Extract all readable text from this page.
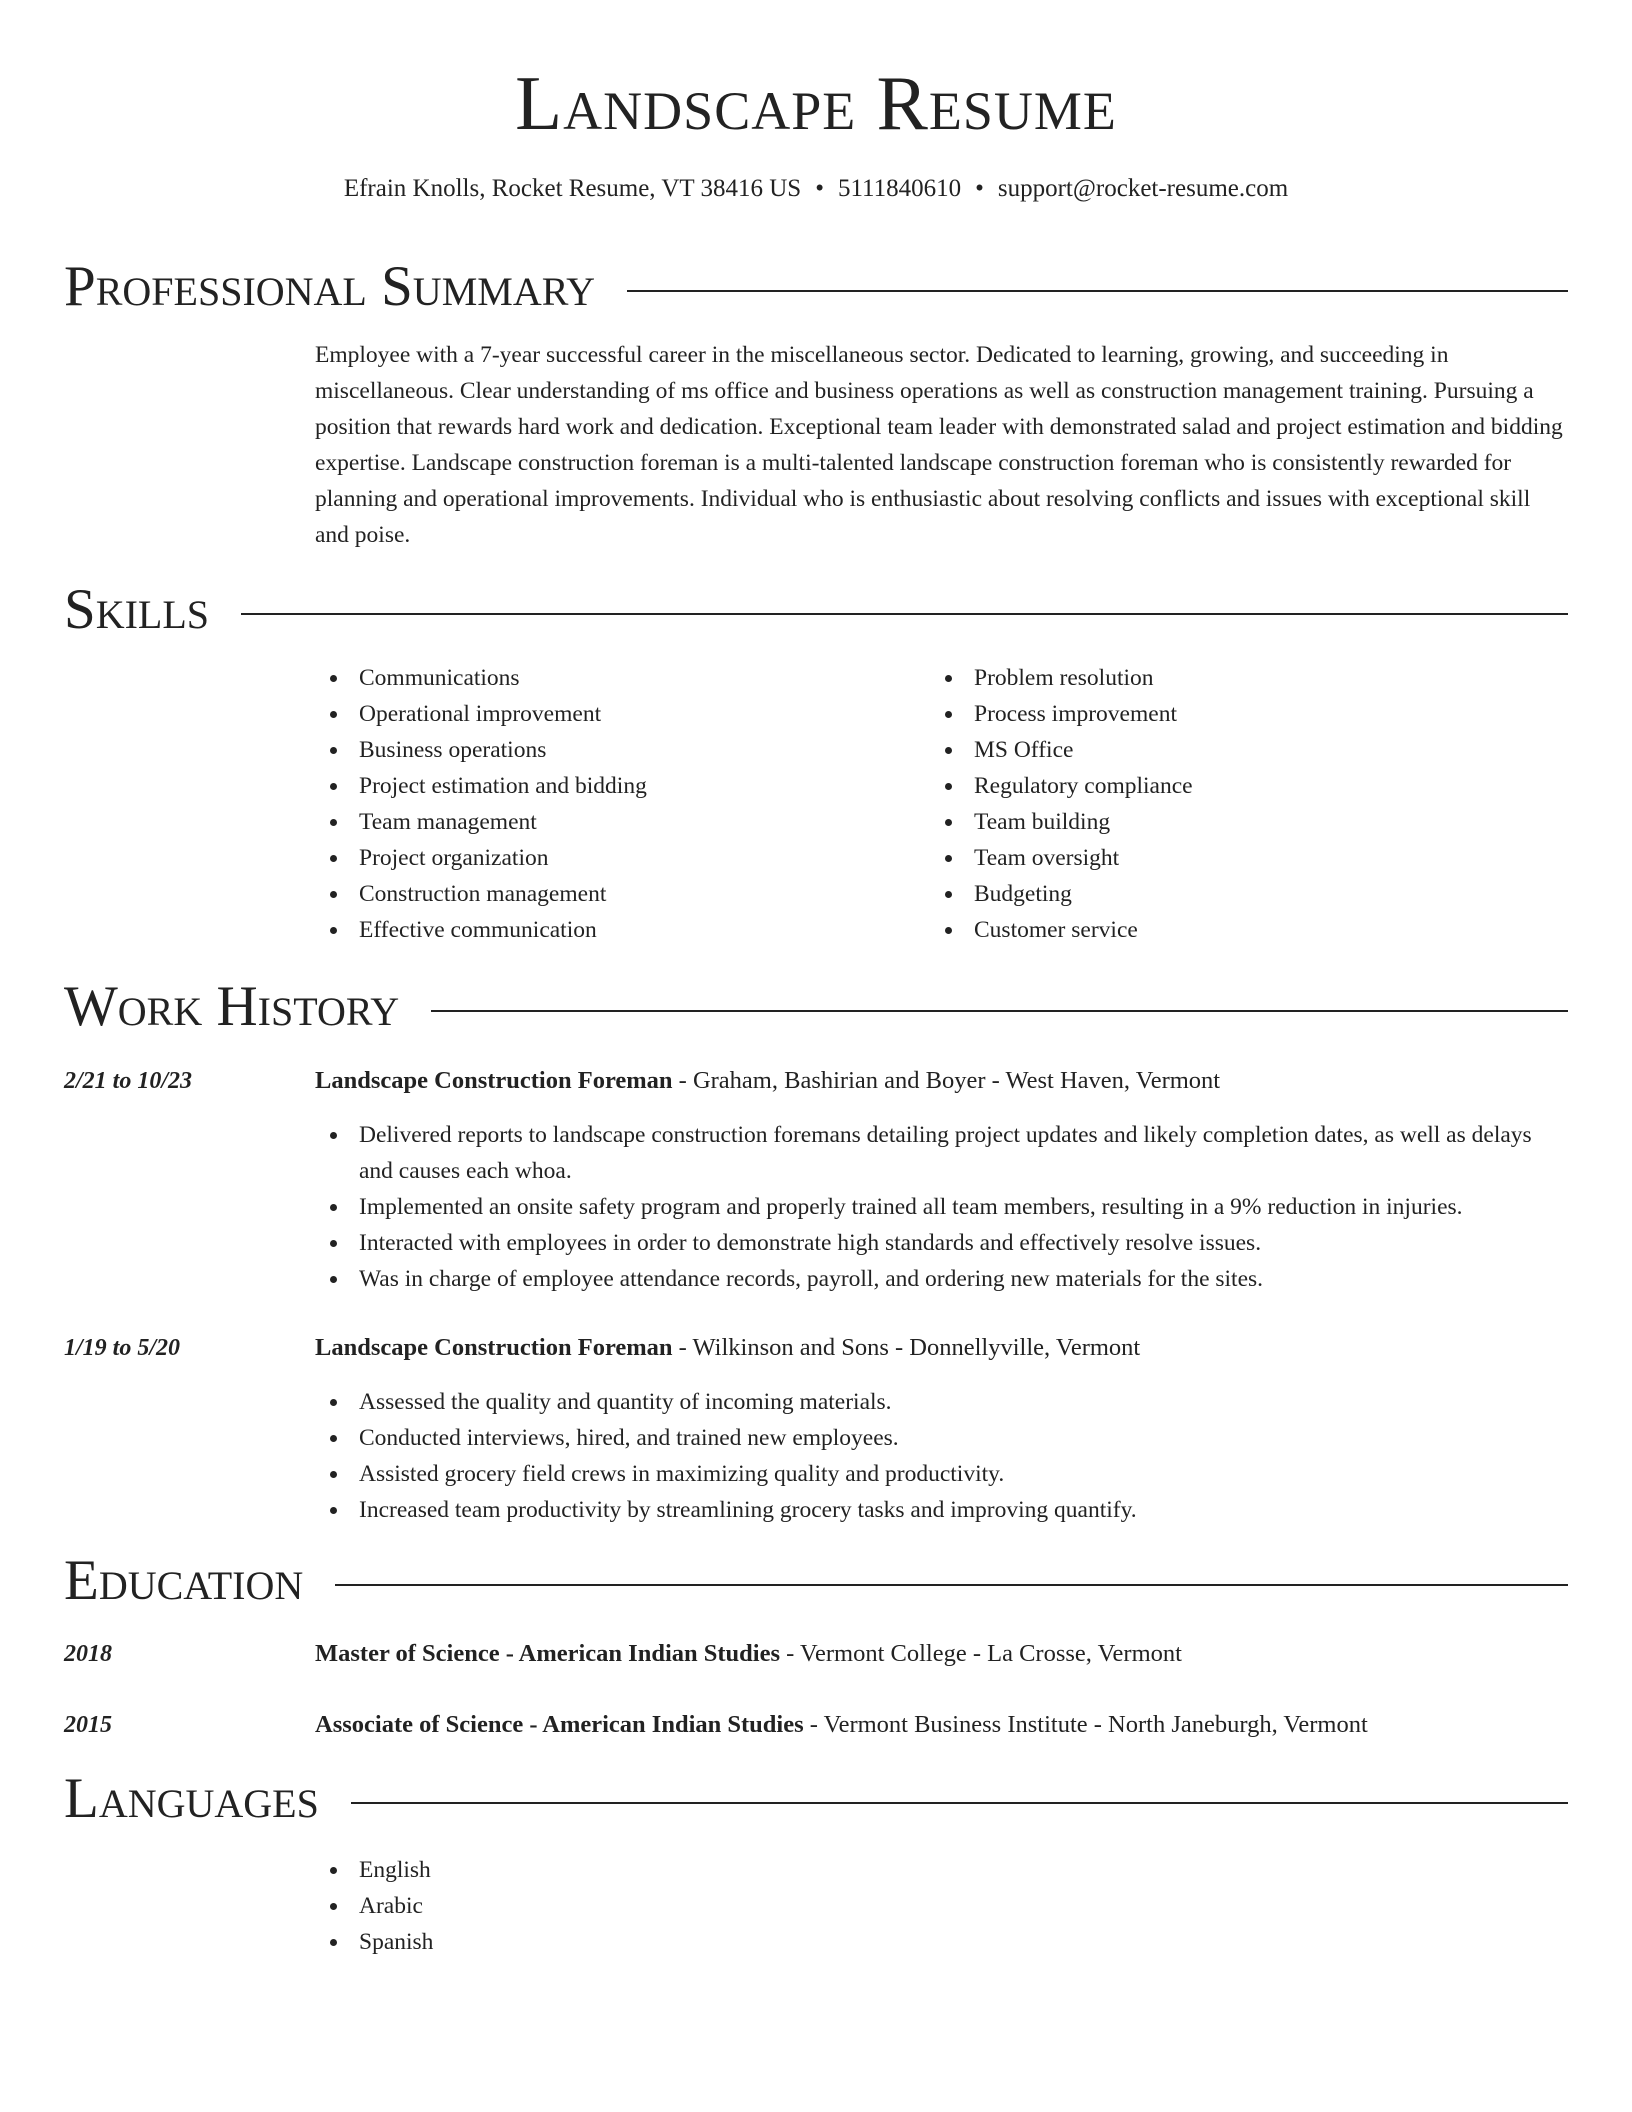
Landscape Resume
Efrain Knolls, Rocket Resume, VT 38416 US • 5111840610 • support@rocket-resume.com
Professional Summary
Employee with a 7-year successful career in the miscellaneous sector. Dedicated to learning, growing, and succeeding in miscellaneous. Clear understanding of ms office and business operations as well as construction management training. Pursuing a position that rewards hard work and dedication. Exceptional team leader with demonstrated salad and project estimation and bidding expertise. Landscape construction foreman is a multi-talented landscape construction foreman who is consistently rewarded for planning and operational improvements. Individual who is enthusiastic about resolving conflicts and issues with exceptional skill and poise.
Skills
Communications
Operational improvement
Business operations
Project estimation and bidding
Team management
Project organization
Construction management
Effective communication
Problem resolution
Process improvement
MS Office
Regulatory compliance
Team building
Team oversight
Budgeting
Customer service
Work History
2/21 to 10/23	Landscape Construction Foreman - Graham, Bashirian and Boyer - West Haven, Vermont
Delivered reports to landscape construction foremans detailing project updates and likely completion dates, as well as delays and causes each whoa.
Implemented an onsite safety program and properly trained all team members, resulting in a 9% reduction in injuries.
Interacted with employees in order to demonstrate high standards and effectively resolve issues.
Was in charge of employee attendance records, payroll, and ordering new materials for the sites.
1/19 to 5/20	Landscape Construction Foreman - Wilkinson and Sons - Donnellyville, Vermont
Assessed the quality and quantity of incoming materials.
Conducted interviews, hired, and trained new employees.
Assisted grocery field crews in maximizing quality and productivity.
Increased team productivity by streamlining grocery tasks and improving quantify.
Education
2018	Master of Science - American Indian Studies - Vermont College - La Crosse, Vermont
2015	Associate of Science - American Indian Studies - Vermont Business Institute - North Janeburgh, Vermont
Languages
English
Arabic
Spanish
